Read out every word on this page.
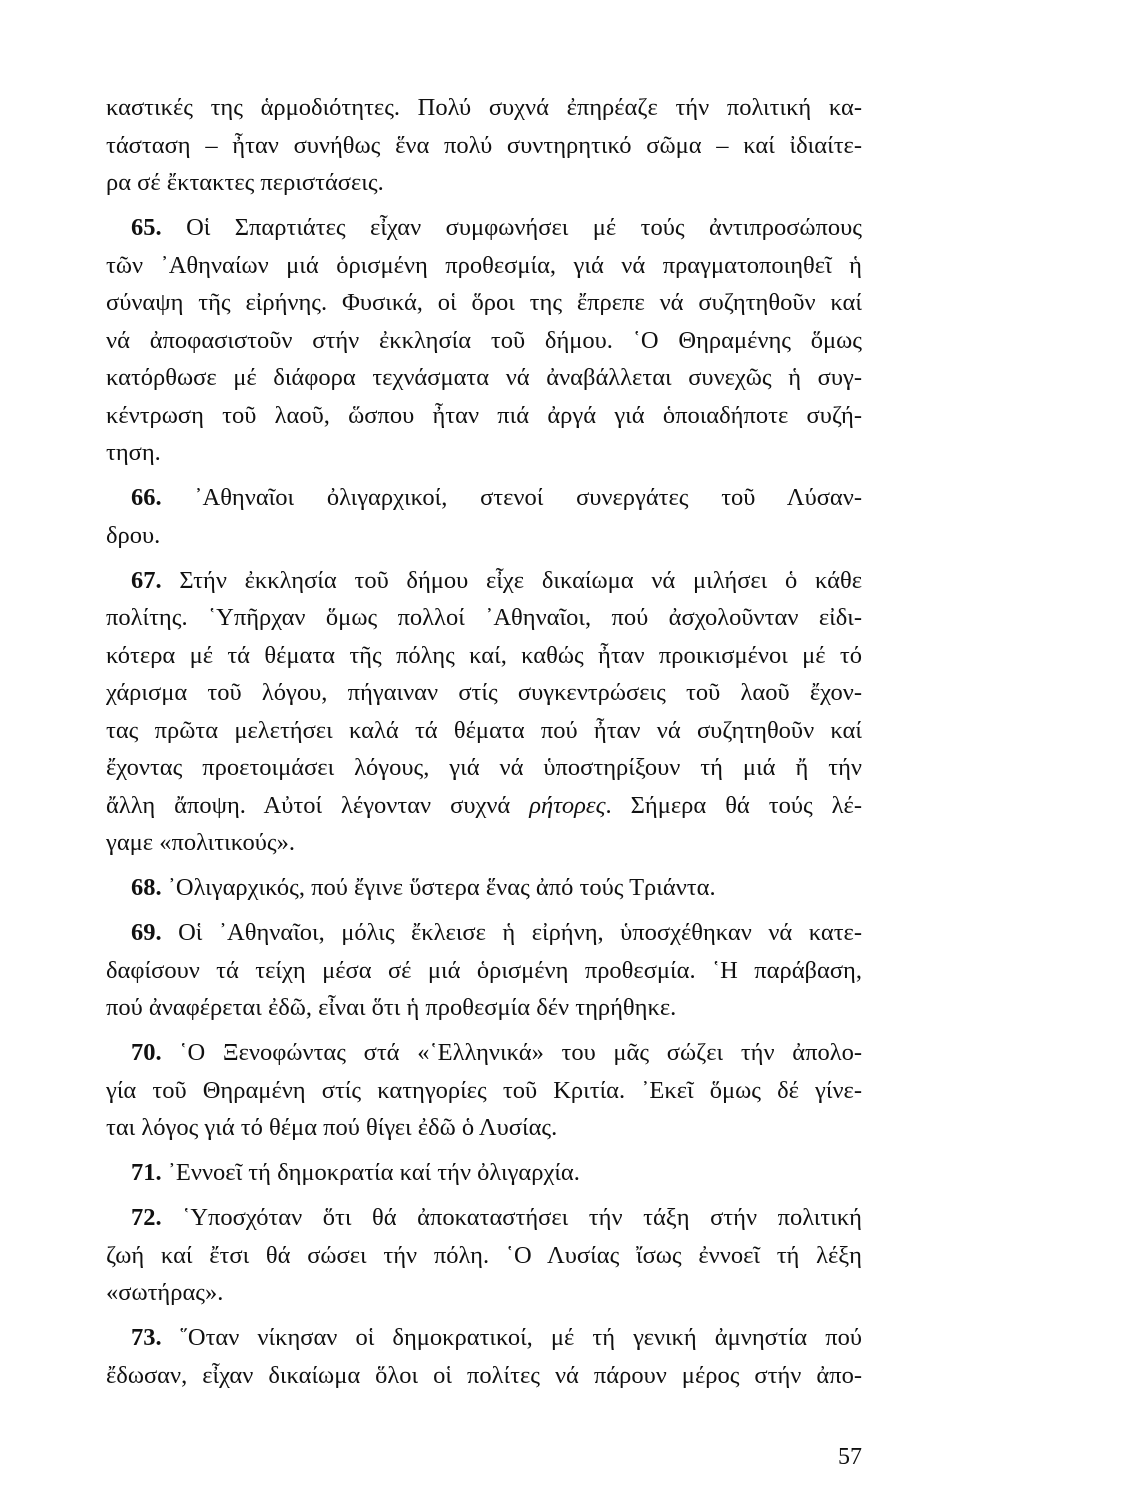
καστικές της ἁρμοδιότητες. Πολύ συχνά ἐπηρέαζε τήν πολιτική κα-
τάσταση – ἦταν συνήθως ἕνα πολύ συντηρητικό σῶμα – καί ἰδιαίτε-
ρα σέ ἔκτακτες περιστάσεις.
65. Οἱ Σπαρτιάτες εἶχαν συμφωνήσει μέ τούς ἀντιπροσώπους
τῶν ᾿Αθηναίων μιά ὁρισμένη προθεσμία, γιά νά πραγματοποιηθεῖ ἡ
σύναψη τῆς εἰρήνης. Φυσικά, οἱ ὅροι της ἔπρεπε νά συζητηθοῦν καί
νά ἀποφασιστοῦν στήν ἐκκλησία τοῦ δήμου. ῾Ο Θηραμένης ὅμως
κατόρθωσε μέ διάφορα τεχνάσματα νά ἀναβάλλεται συνεχῶς ἡ συγ-
κέντρωση τοῦ λαοῦ, ὥσπου ἦταν πιά ἀργά γιά ὁποιαδήποτε συζή-
τηση.
66. ᾿Αθηναῖοι ὀλιγαρχικοί, στενοί συνεργάτες τοῦ Λύσαν-
δρου.
67. Στήν ἐκκλησία τοῦ δήμου εἶχε δικαίωμα νά μιλήσει ὁ κάθε
πολίτης. ῾Υπῆρχαν ὅμως πολλοί ᾿Αθηναῖοι, πού ἀσχολοῦνταν εἰδι-
κότερα μέ τά θέματα τῆς πόλης καί, καθώς ἦταν προικισμένοι μέ τό
χάρισμα τοῦ λόγου, πήγαιναν στίς συγκεντρώσεις τοῦ λαοῦ ἔχον-
τας πρῶτα μελετήσει καλά τά θέματα πού ἦταν νά συζητηθοῦν καί
ἔχοντας προετοιμάσει λόγους, γιά νά ὑποστηρίξουν τή μιά ἤ τήν
ἄλλη ἄποψη. Αὐτοί λέγονταν συχνά ρήτορες. Σήμερα θά τούς λέ-
γαμε «πολιτικούς».
68. ᾿Ολιγαρχικός, πού ἔγινε ὕστερα ἕνας ἀπό τούς Τριάντα.
69. Οἱ ᾿Αθηναῖοι, μόλις ἔκλεισε ἡ εἰρήνη, ὑποσχέθηκαν νά κατε-
δαφίσουν τά τείχη μέσα σέ μιά ὁρισμένη προθεσμία. ῾Η παράβαση,
πού ἀναφέρεται ἐδῶ, εἶναι ὅτι ἡ προθεσμία δέν τηρήθηκε.
70. ῾Ο Ξενοφώντας στά «῾Ελληνικά» του μᾶς σώζει τήν ἀπολο-
γία τοῦ Θηραμένη στίς κατηγορίες τοῦ Κριτία. ᾿Εκεῖ ὅμως δέ γίνε-
ται λόγος γιά τό θέμα πού θίγει ἐδῶ ὁ Λυσίας.
71. ᾿Εννοεῖ τή δημοκρατία καί τήν ὀλιγαρχία.
72. ῾Υποσχόταν ὅτι θά ἀποκαταστήσει τήν τάξη στήν πολιτική
ζωή καί ἔτσι θά σώσει τήν πόλη. ῾Ο Λυσίας ἴσως ἐννοεῖ τή λέξη
«σωτήρας».
73. ῞Οταν νίκησαν οἱ δημοκρατικοί, μέ τή γενική ἀμνηστία πού
ἔδωσαν, εἶχαν δικαίωμα ὅλοι οἱ πολίτες νά πάρουν μέρος στήν ἀπο-
57
